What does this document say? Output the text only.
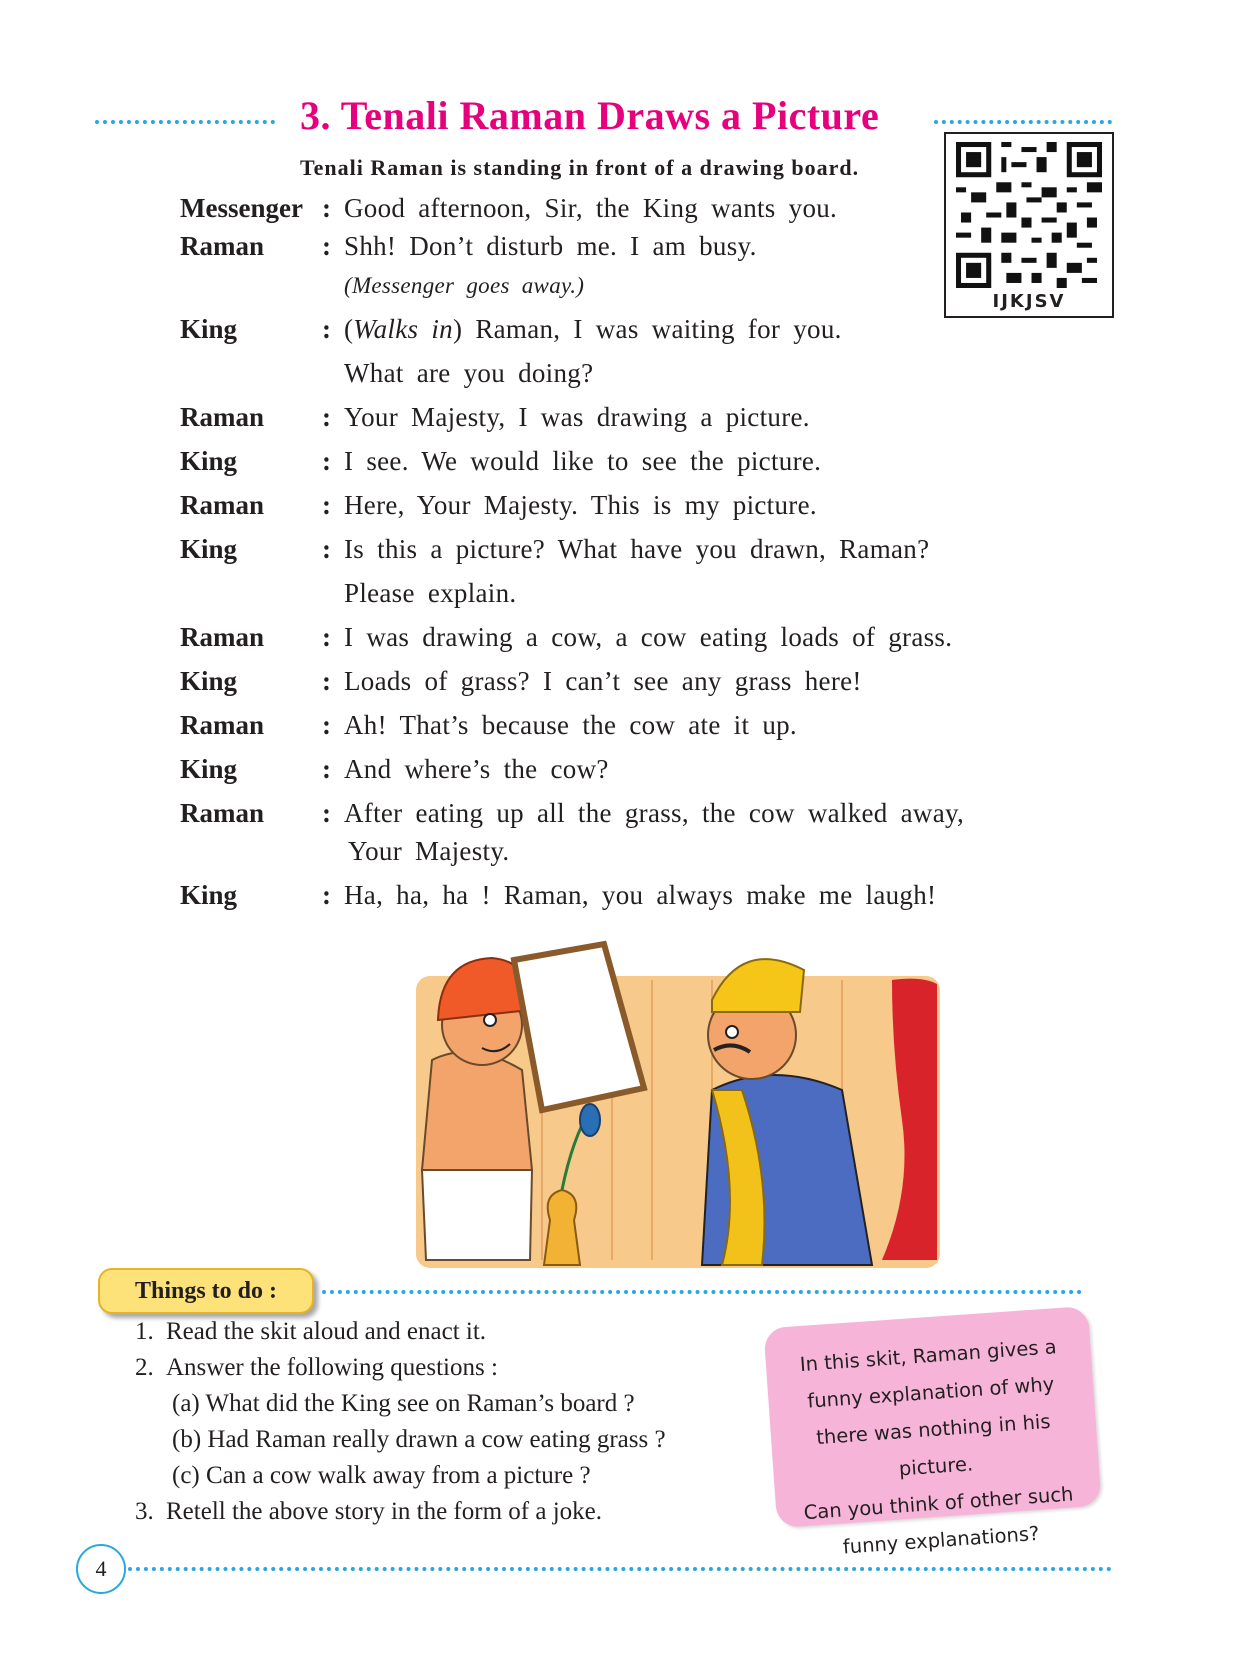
3. Tenali Raman Draws a Picture
IJKJSV
Tenali Raman is standing in front of a drawing board.
Messenger : Good afternoon, Sir, the King wants you.
Raman : Shh! Don’t disturb me. I am busy.
(Messenger goes away.)
King	: (Walks in) Raman, I was waiting for you.
What are you doing?
Raman : Your Majesty, I was drawing a picture.
King	: I see. We would like to see the picture.
Raman : Here, Your Majesty. This is my picture.
King	: Is this a picture? What have you drawn, Raman?
Please explain.
Raman : I was drawing a cow, a cow eating loads of grass.
King	: Loads of grass? I can’t see any grass here!
Raman : Ah! That’s because the cow ate it up.
King	: And where’s the cow?
Raman : After eating up all the grass, the cow walked away,
Your Majesty.
King	: Ha, ha, ha ! Raman, you always make me laugh!
Things to do :
1. Read the skit aloud and enact it.
2. Answer the following questions :
(a) What did the King see on Raman’s board ?
(b) Had Raman really drawn a cow eating grass ?
(c) Can a cow walk away from a picture ?
3. Retell the above story in the form of a joke.
In this skit, Raman gives a
funny explanation of why
there was nothing in his picture.
Can you think of other such
funny explanations?
4
